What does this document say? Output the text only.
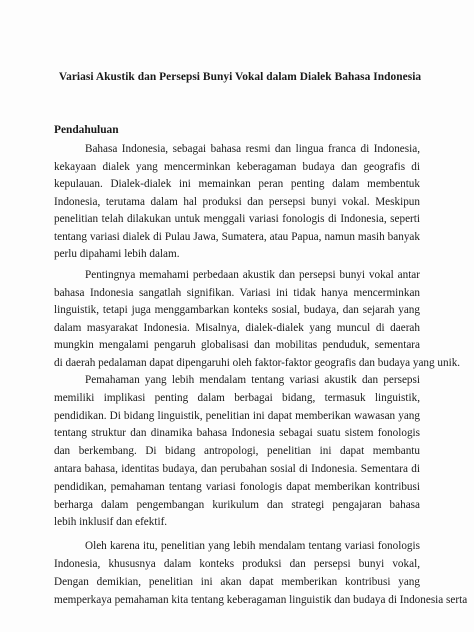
Variasi Akustik dan Persepsi Bunyi Vokal dalam Dialek Bahasa Indonesia
Pendahuluan
Bahasa Indonesia, sebagai bahasa resmi dan lingua franca di Indonesia,
kekayaan dialek yang mencerminkan keberagaman budaya dan geografis di
kepulauan. Dialek-dialek ini memainkan peran penting dalam membentuk
Indonesia, terutama dalam hal produksi dan persepsi bunyi vokal. Meskipun
penelitian telah dilakukan untuk menggali variasi fonologis di Indonesia, seperti
tentang variasi dialek di Pulau Jawa, Sumatera, atau Papua, namun masih banyak
perlu dipahami lebih dalam.
Pentingnya memahami perbedaan akustik dan persepsi bunyi vokal antar
bahasa Indonesia sangatlah signifikan. Variasi ini tidak hanya mencerminkan
linguistik, tetapi juga menggambarkan konteks sosial, budaya, dan sejarah yang
dalam masyarakat Indonesia. Misalnya, dialek-dialek yang muncul di daerah
mungkin mengalami pengaruh globalisasi dan mobilitas penduduk, sementara
di daerah pedalaman dapat dipengaruhi oleh faktor-faktor geografis dan budaya yang unik.
Pemahaman yang lebih mendalam tentang variasi akustik dan persepsi
memiliki implikasi penting dalam berbagai bidang, termasuk linguistik,
pendidikan. Di bidang linguistik, penelitian ini dapat memberikan wawasan yang
tentang struktur dan dinamika bahasa Indonesia sebagai suatu sistem fonologis
dan berkembang. Di bidang antropologi, penelitian ini dapat membantu
antara bahasa, identitas budaya, dan perubahan sosial di Indonesia. Sementara di
pendidikan, pemahaman tentang variasi fonologis dapat memberikan kontribusi
berharga dalam pengembangan kurikulum dan strategi pengajaran bahasa
lebih inklusif dan efektif.
Oleh karena itu, penelitian yang lebih mendalam tentang variasi fonologis
Indonesia, khususnya dalam konteks produksi dan persepsi bunyi vokal,
Dengan demikian, penelitian ini akan dapat memberikan kontribusi yang
memperkaya pemahaman kita tentang keberagaman linguistik dan budaya di Indonesia serta
